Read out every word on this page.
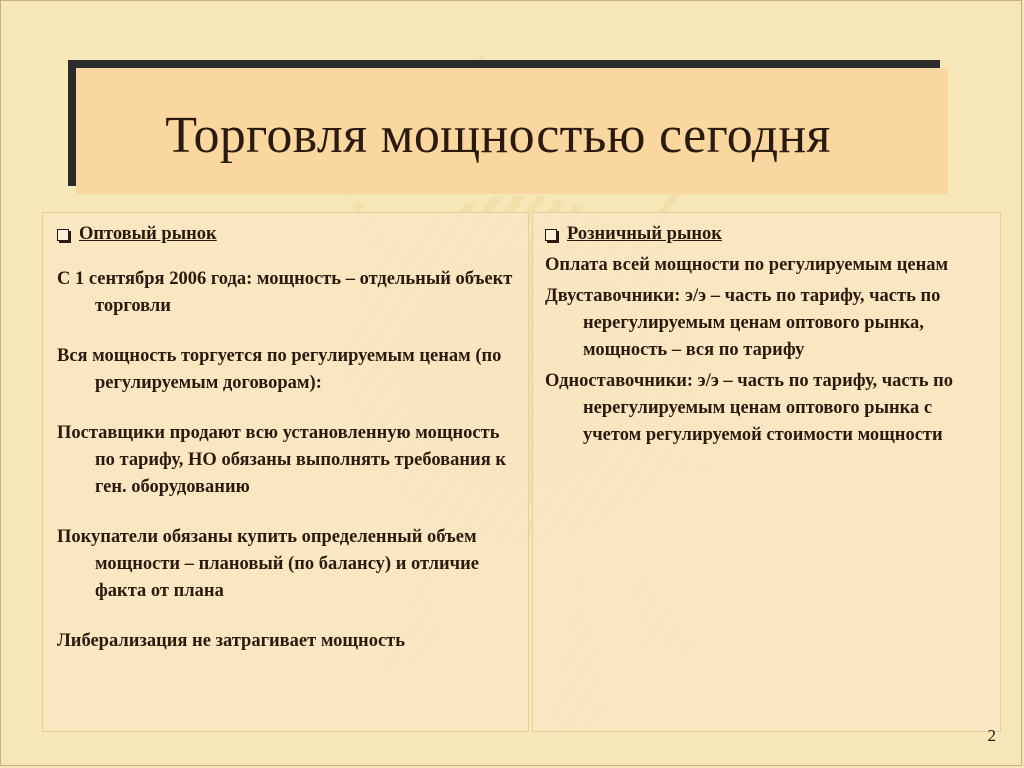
Торговля мощностью сегодня
Оптовый рынок
С 1 сентября 2006 года: мощность – отдельный объект торговли
Вся мощность торгуется по регулируемым ценам (по регулируемым договорам):
Поставщики продают всю установленную мощность по тарифу, НО обязаны выполнять требования к ген. оборудованию
Покупатели обязаны купить определенный объем мощности – плановый (по балансу) и отличие факта от плана
Либерализация не затрагивает мощность
Розничный рынок
Оплата всей мощности по регулируемым ценам
Двуставочники: э/э – часть по тарифу, часть по нерегулируемым ценам оптового рынка, мощность – вся по тарифу
Одноставочники: э/э – часть по тарифу, часть по нерегулируемым ценам оптового рынка с учетом регулируемой стоимости мощности
2
